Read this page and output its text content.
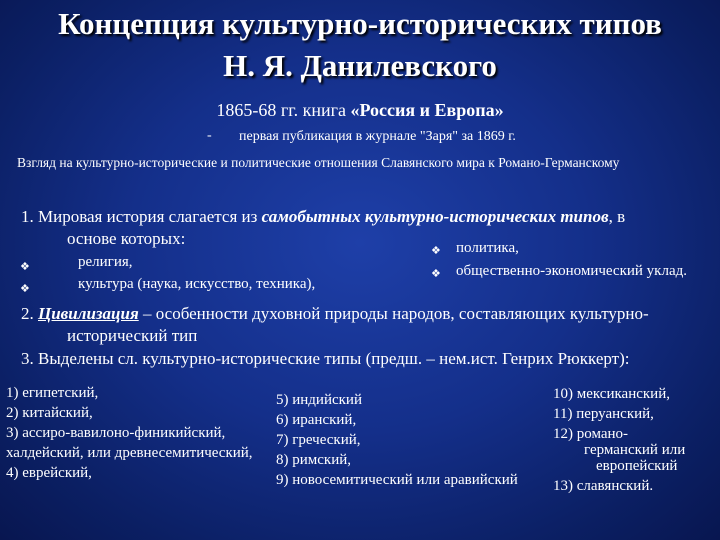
Концепция культурно-исторических типов
Н. Я. Данилевского
1865-68 гг. книга «Россия и Европа»
- первая публикация в журнале "Заря" за 1869 г.
Взгляд на культурно-исторические и политические отношения Славянского мира к Романо-Германскому
1. Мировая история слагается из самобытных культурно-исторических типов, в
основе которых:
❖	религия,
❖	культура (наука, искусство, техника),
❖ политика,
❖ общественно-экономический уклад.
2. Цивилизация – особенности духовной природы народов, составляющих культурно-
исторический тип
3. Выделены сл. культурно-исторические типы (предш. – нем.ист. Генрих Рюккерт):
1) египетский,
2) китайский,
3) ассиро-вавилоно-финикийский,
халдейский, или древнесемитический,
4) еврейский,
5) индийский
6) иранский,
7) греческий,
8) римский,
9) новосемитический или аравийский
10) мексиканский,
11) перуанский,
12) романо-
германский или
европейский
13) славянский.
